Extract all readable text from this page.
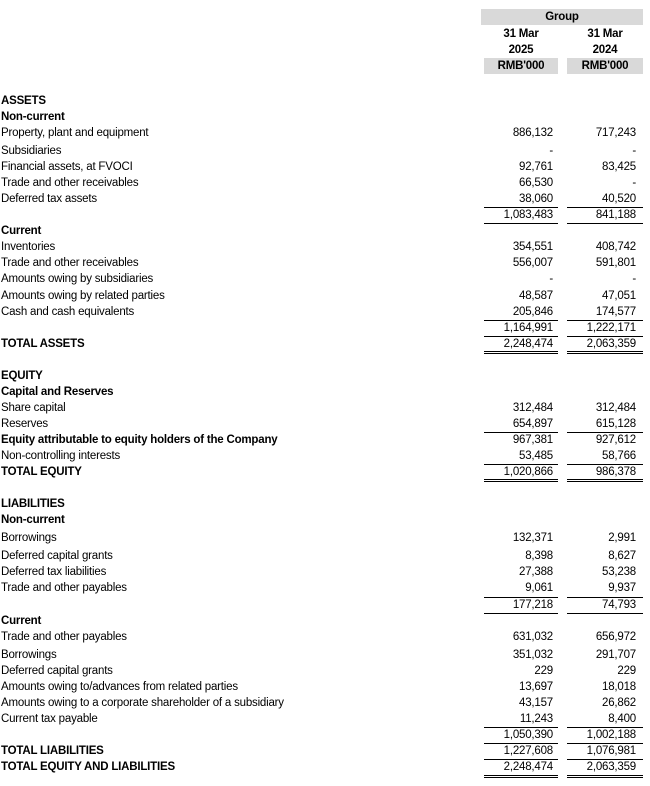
Group
31 Mar
2025
RMB'000
31 Mar
2024
RMB'000
ASSETS
Non-current
Property, plant and equipment	886,132	717,243
Subsidiaries	-	-
Financial assets, at FVOCI	92,761	83,425
Trade and other receivables	66,530	-
Deferred tax assets	38,060	40,520
1,083,483	841,188
Current
Inventories	354,551	408,742
Trade and other receivables	556,007	591,801
Amounts owing by subsidiaries	-	-
Amounts owing by related parties	48,587	47,051
Cash and cash equivalents	205,846	174,577
1,164,991	1,222,171
TOTAL ASSETS	2,248,474	2,063,359
EQUITY
Capital and Reserves
Share capital	312,484	312,484
Reserves	654,897	615,128
Equity attributable to equity holders of the Company	967,381	927,612
Non-controlling interests	53,485	58,766
TOTAL EQUITY	1,020,866	986,378
LIABILITIES
Non-current
Borrowings	132,371	2,991
Deferred capital grants	8,398	8,627
Deferred tax liabilities	27,388	53,238
Trade and other payables	9,061	9,937
177,218	74,793
Current
Trade and other payables	631,032	656,972
Borrowings	351,032	291,707
Deferred capital grants	229	229
Amounts owing to/advances from related parties	13,697	18,018
Amounts owing to a corporate shareholder of a subsidiary	43,157	26,862
Current tax payable	11,243	8,400
1,050,390	1,002,188
TOTAL LIABILITIES	1,227,608	1,076,981
TOTAL EQUITY AND LIABILITIES	2,248,474	2,063,359
